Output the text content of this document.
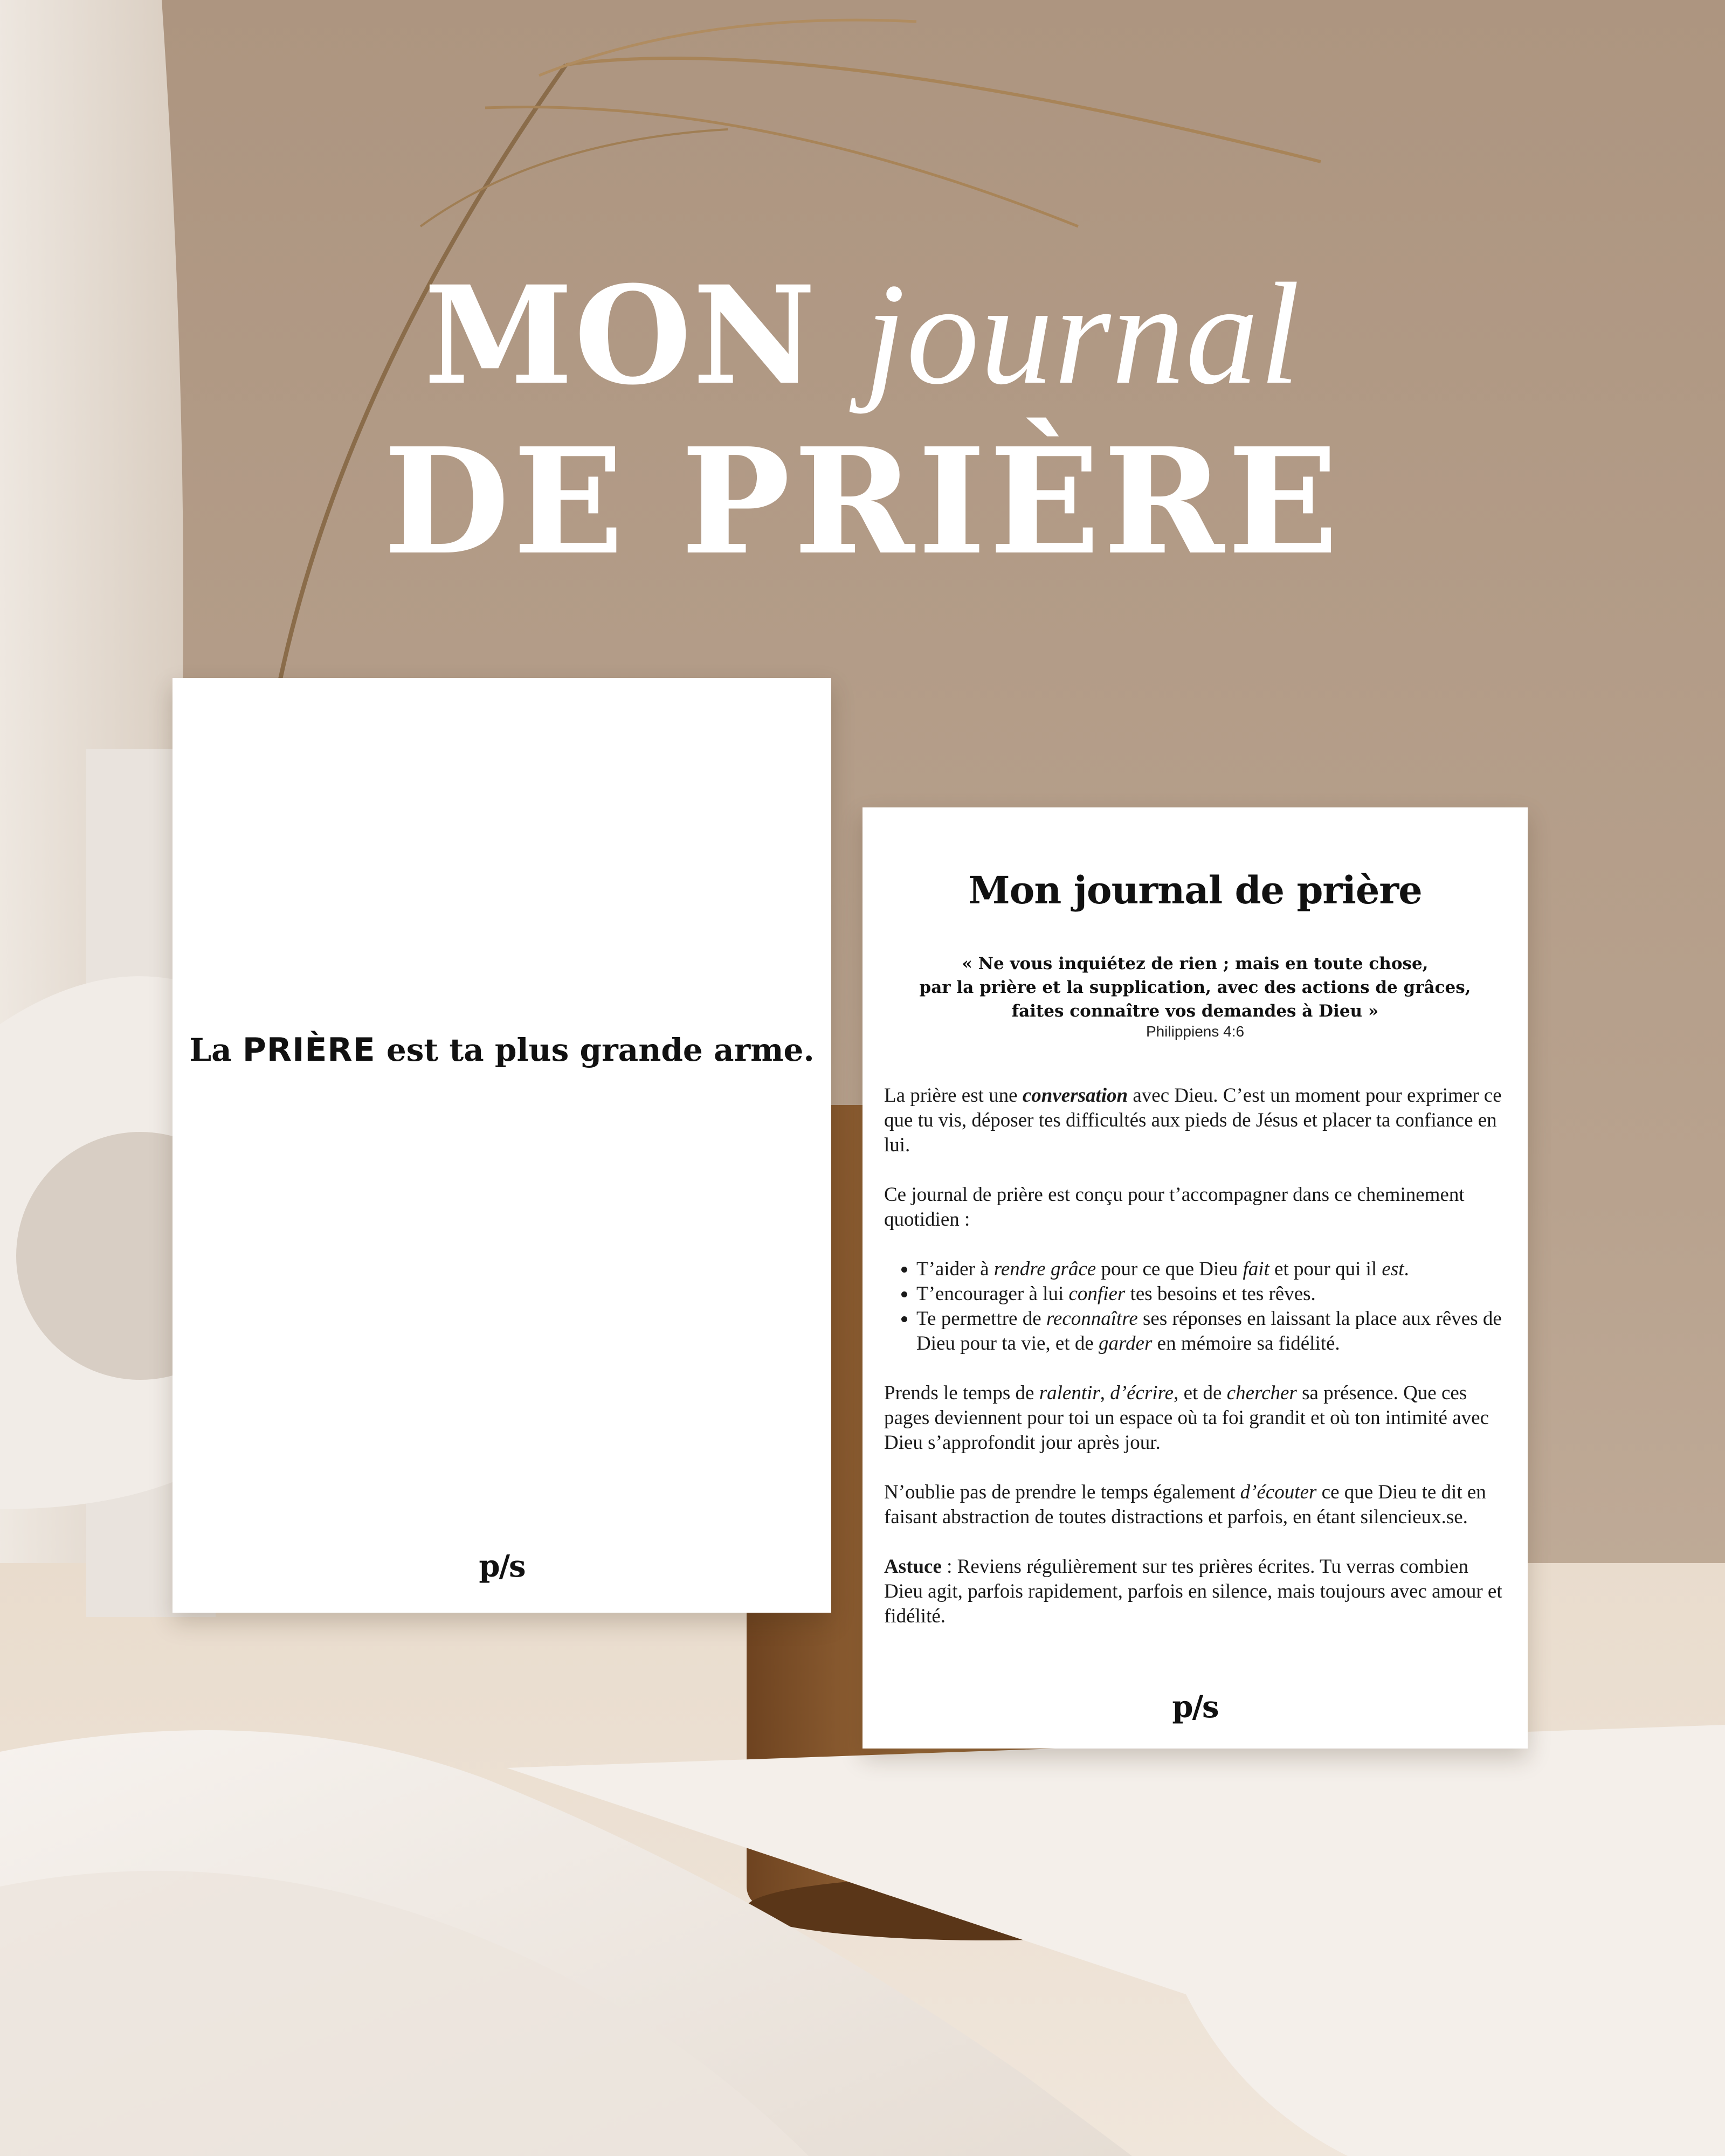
MON journal
DE PRIÈRE
La PRIÈRE est ta plus grande arme.
p/s
Mon journal de prière
« Ne vous inquiétez de rien ; mais en toute chose,
par la prière et la supplication, avec des actions de grâces,
faites connaître vos demandes à Dieu »
Philippiens 4:6

La prière est une conversation avec Dieu. C’est un moment pour exprimer ce que tu vis, déposer tes difficultés aux pieds de Jésus et placer ta confiance en lui.

Ce journal de prière est conçu pour t’accompagner dans ce cheminement quotidien :

• T’aider à rendre grâce pour ce que Dieu fait et pour qui il est.
• T’encourager à lui confier tes besoins et tes rêves.
• Te permettre de reconnaître ses réponses en laissant la place aux rêves de Dieu pour ta vie, et de garder en mémoire sa fidélité.

Prends le temps de ralentir, d’écrire, et de chercher sa présence. Que ces pages deviennent pour toi un espace où ta foi grandit et où ton intimité avec Dieu s’approfondit jour après jour.

N’oublie pas de prendre le temps également d’écouter ce que Dieu te dit en faisant abstraction de toutes distractions et parfois, en étant silencieux.se.

Astuce : Reviens régulièrement sur tes prières écrites. Tu verras combien Dieu agit, parfois rapidement, parfois en silence, mais toujours avec amour et fidélité.

p/s
